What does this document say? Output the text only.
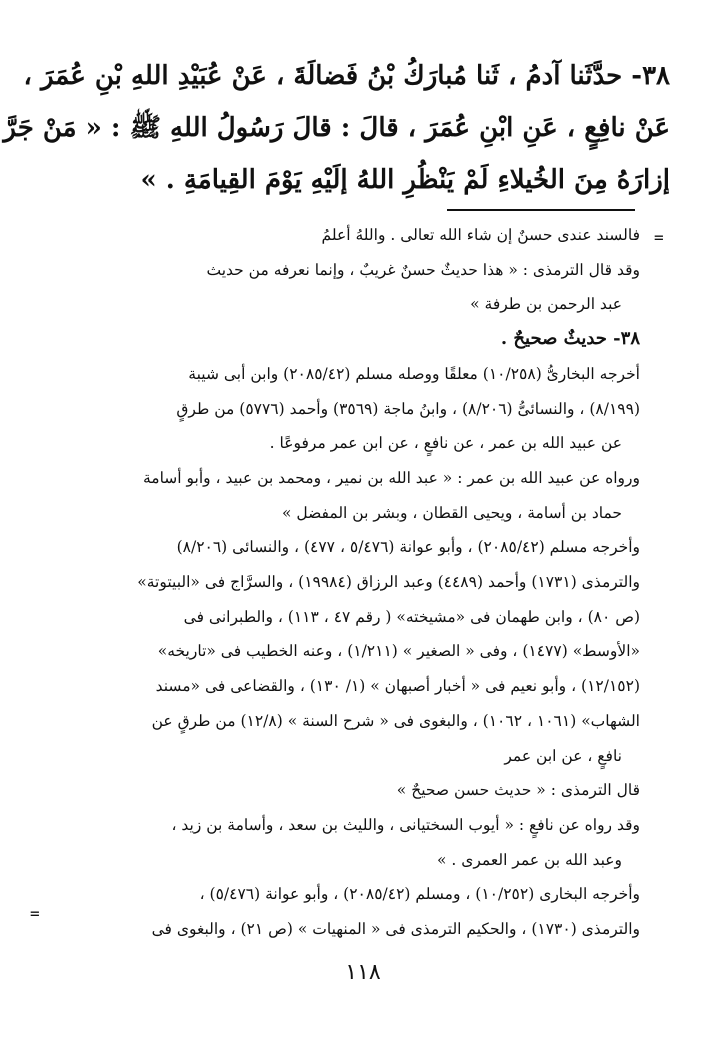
٣٨- حدَّثَنا آدمُ ، ثَنا مُبارَكُ بْنُ فَضالَةَ ، عَنْ عُبَيْدِ اللهِ بْنِ عُمَرَ ،

عَنْ نافِعٍ ، عَنِ ابْنِ عُمَرَ ، قالَ : قالَ رَسُولُ اللهِ ﷺ : « مَنْ جَرَّ

إزارَهُ مِنَ الخُيلاءِ لَمْ يَنْظُرِ اللهُ إلَيْهِ يَوْمَ القِيامَةِ . »

=

فالسند عندى حسنٌ إن شاء الله تعالى . واللهُ أعلمُ

وقد قال الترمذى : « هذا حديثٌ حسنٌ غريبٌ ، وإنما نعرفه من حديث

عبد الرحمن بن طرفة »

٣٨- حديثٌ صحيحٌ .

أخرجه البخارىُّ (١٠/٢٥٨) معلقًا ووصله مسلم (٢٠٨٥/٤٢) وابن أبى شيبة

(٨/١٩٩) ، والنسائىُّ (٨/٢٠٦) ، وابنُ ماجة (٣٥٦٩) وأحمد (٥٧٧٦) من طرقٍ

عن عبيد الله بن عمر ، عن نافعٍ ، عن ابن عمر مرفوعًا .

ورواه عن عبيد الله بن عمر : « عبد الله بن نمير ، ومحمد بن عبيد ، وأبو أسامة

حماد بن أسامة ، ويحيى القطان ، وبشر بن المفضل »

وأخرجه مسلم (٢٠٨٥/٤٢) ، وأبو عوانة (٥/٤٧٦ ، ٤٧٧) ، والنسائى (٨/٢٠٦)

والترمذى (١٧٣١) وأحمد (٤٤٨٩) وعبد الرزاق (١٩٩٨٤) ، والسرَّاج فى «البيتوتة»

(ص ٨٠) ، وابن طهمان فى «مشيخته» ( رقم ٤٧ ، ١١٣) ، والطبرانى فى

«الأوسط» (١٤٧٧) ، وفى « الصغير » (١/٢١١) ، وعنه الخطيب فى «تاريخه»

(١٢/١٥٢) ، وأبو نعيم فى « أخبار أصبهان » (١/ ١٣٠) ، والقضاعى فى «مسند

الشهاب» (١٠٦١ ، ١٠٦٢) ، والبغوى فى « شرح السنة » (١٢/٨) من طرقٍ عن

نافعٍ ، عن ابن عمر

قال الترمذى : « حديث حسن صحيحٌ »

وقد رواه عن نافعٍ : « أيوب السختيانى ، والليث بن سعد ، وأسامة بن زيد ،

وعبد الله بن عمر العمرى . »

وأخرجه البخارى (١٠/٢٥٢) ، ومسلم (٢٠٨٥/٤٢) ، وأبو عوانة (٥/٤٧٦) ،

والترمذى (١٧٣٠) ، والحكيم الترمذى فى « المنهيات » (ص ٢١) ، والبغوى فى

=
١١٨
